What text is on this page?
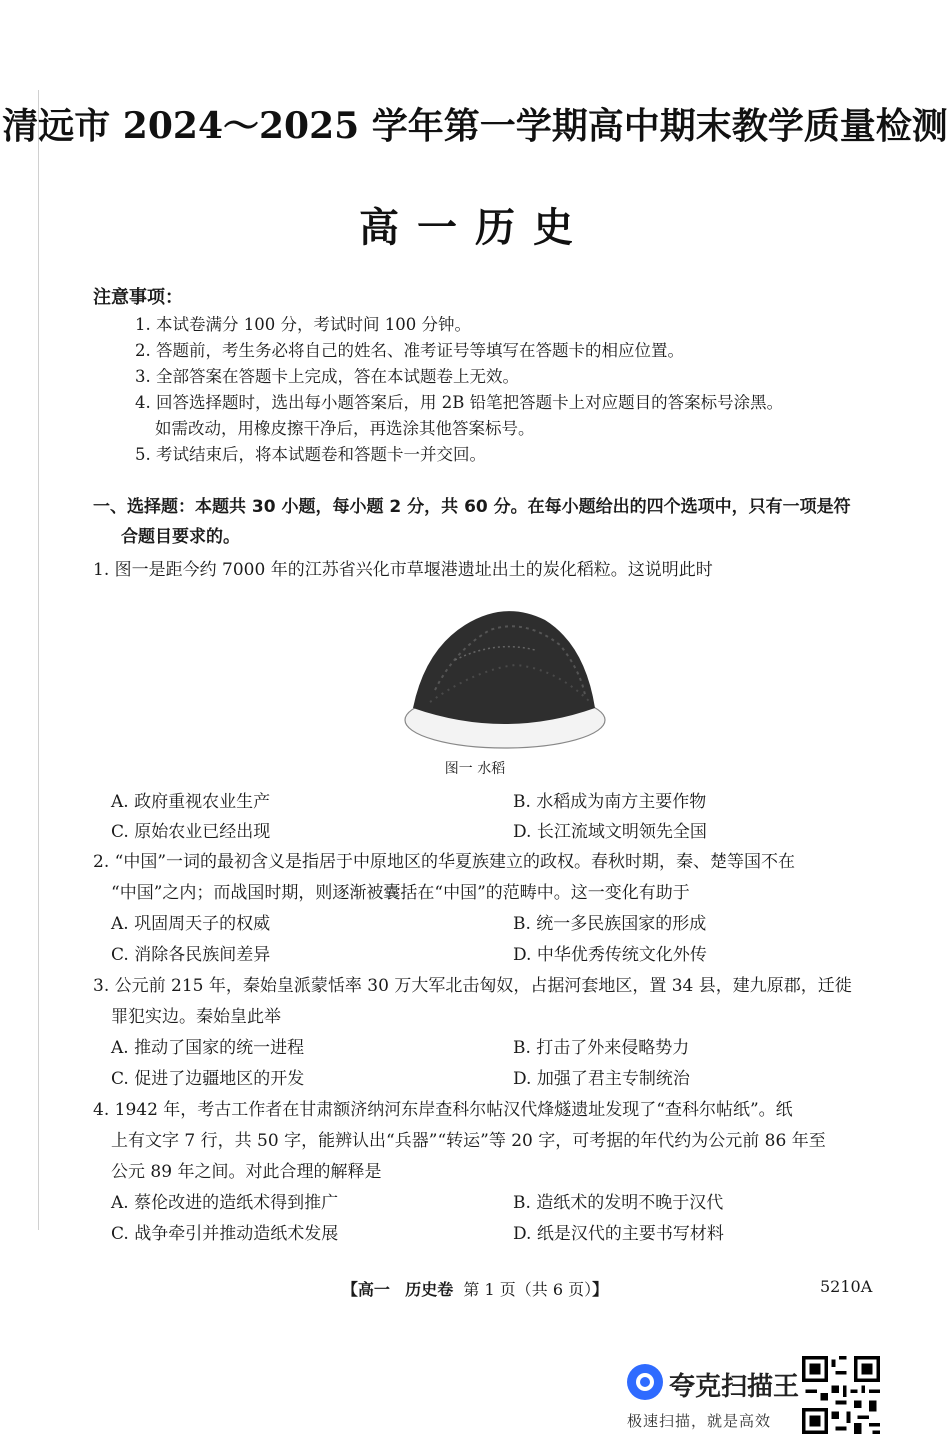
清远市 2024～2025 学年第一学期高中期末教学质量检测
高一历史
注意事项：
1. 本试卷满分 100 分，考试时间 100 分钟。
2. 答题前，考生务必将自己的姓名、准考证号等填写在答题卡的相应位置。
3. 全部答案在答题卡上完成，答在本试题卷上无效。
4. 回答选择题时，选出每小题答案后，用 2B 铅笔把答题卡上对应题目的答案标号涂黑。
如需改动，用橡皮擦干净后，再选涂其他答案标号。
5. 考试结束后，将本试题卷和答题卡一并交回。
一、选择题：本题共 30 小题，每小题 2 分，共 60 分。在每小题给出的四个选项中，只有一项是符
合题目要求的。
1. 图一是距今约 7000 年的江苏省兴化市草堰港遗址出土的炭化稻粒。这说明此时
图一 水稻
A. 政府重视农业生产	B. 水稻成为南方主要作物
C. 原始农业已经出现	D. 长江流域文明领先全国
2. “中国”一词的最初含义是指居于中原地区的华夏族建立的政权。春秋时期，秦、楚等国不在
“中国”之内；而战国时期，则逐渐被囊括在“中国”的范畴中。这一变化有助于
A. 巩固周天子的权威	B. 统一多民族国家的形成
C. 消除各民族间差异	D. 中华优秀传统文化外传
3. 公元前 215 年，秦始皇派蒙恬率 30 万大军北击匈奴，占据河套地区，置 34 县，建九原郡，迁徙
罪犯实边。秦始皇此举
A. 推动了国家的统一进程	B. 打击了外来侵略势力
C. 促进了边疆地区的开发	D. 加强了君主专制统治
4. 1942 年，考古工作者在甘肃额济纳河东岸查科尔帖汉代烽燧遗址发现了“查科尔帖纸”。纸
上有文字 7 行，共 50 字，能辨认出“兵器”“转运”等 20 字，可考据的年代约为公元前 86 年至
公元 89 年之间。对此合理的解释是
A. 蔡伦改进的造纸术得到推广	B. 造纸术的发明不晚于汉代
C. 战争牵引并推动造纸术发展	D. 纸是汉代的主要书写材料
【高一 历史卷 第 1 页（共 6 页）】	5210A
夸克扫描王
极速扫描，就是高效
